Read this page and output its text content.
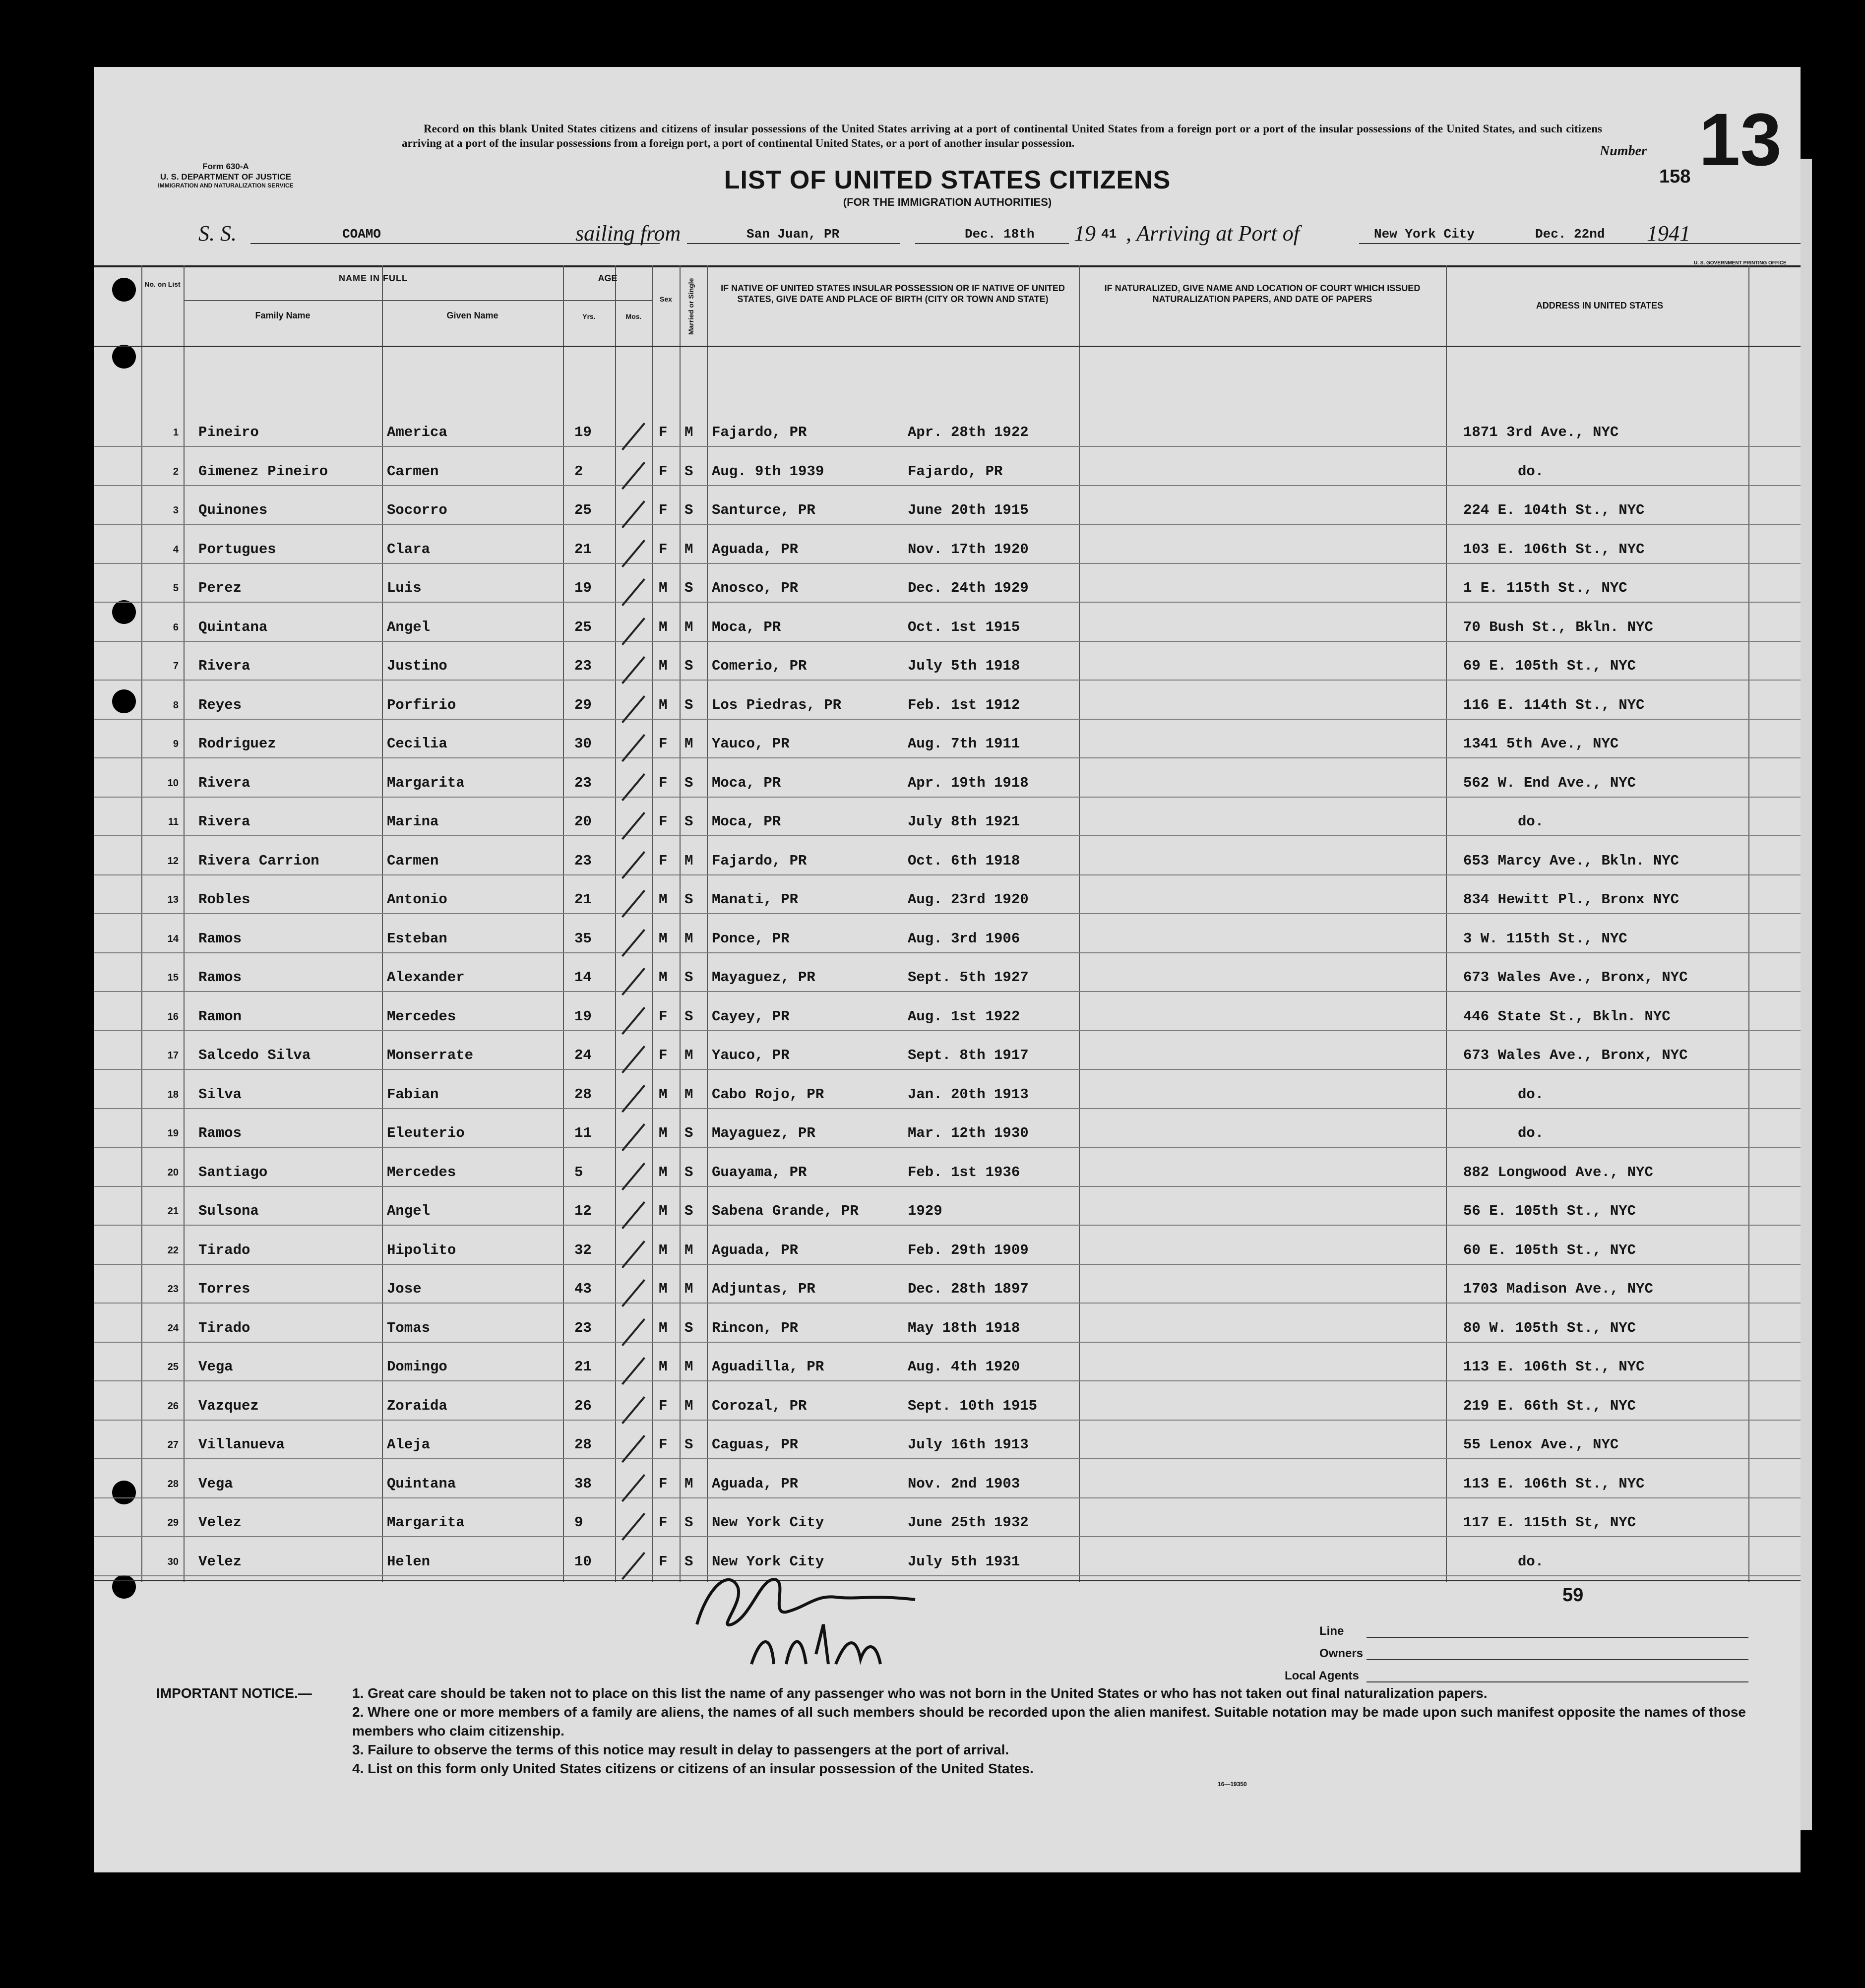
Form 630-A
U. S. DEPARTMENT OF JUSTICE
IMMIGRATION AND NATURALIZATION SERVICE
Record on this blank United States citizens and citizens of insular possessions of the United States arriving at a port of continental United States from a foreign port or a port of the insular possessions of the United States, and such citizens arriving at a port of the insular possessions from a foreign port, a port of continental United States, or a port of another insular possession.
LIST OF UNITED STATES CITIZENS
(FOR THE IMMIGRATION AUTHORITIES)
Number 13
158
S. S.	COAMO	sailing from	San Juan, PR	Dec. 18th 19 41 , Arriving at Port of	New York City	Dec. 22nd 1941
U. S. GOVERNMENT PRINTING OFFICE
No. on List
NAME IN FULL
Family Name	Given Name
AGE
Yrs.	Mos.
Sex	Married or Single	IF NATIVE OF UNITED STATES INSULAR POSSESSION OR IF NATIVE OF UNITED STATES, GIVE DATE AND PLACE OF BIRTH (CITY OR TOWN AND STATE)
IF NATURALIZED, GIVE NAME AND LOCATION OF COURT WHICH ISSUED NATURALIZATION PAPERS, AND DATE OF PAPERS
ADDRESS IN UNITED STATES
1 Pineiro	America	19	F M Fajardo, PR	Apr. 28th 1922	1871 3rd Ave., NYC
2 Gimenez Pineiro	Carmen	2	F S Aug. 9th 1939	Fajardo, PR	do.
3 Quinones	Socorro	25	F S Santurce, PR	June 20th 1915	224 E. 104th St., NYC
4 Portugues	Clara	21	F M Aguada, PR	Nov. 17th 1920	103 E. 106th St., NYC
5 Perez	Luis	19	M S Anosco, PR	Dec. 24th 1929	1 E. 115th St., NYC
6 Quintana	Angel	25	M M Moca, PR	Oct. 1st 1915	70 Bush St., Bkln. NYC
7 Rivera	Justino	23	M S Comerio, PR	July 5th 1918	69 E. 105th St., NYC
8 Reyes	Porfirio	29	M S Los Piedras, PR	Feb. 1st 1912	116 E. 114th St., NYC
9 Rodriguez	Cecilia	30	F M Yauco, PR	Aug. 7th 1911	1341 5th Ave., NYC
10 Rivera	Margarita	23	F S Moca, PR	Apr. 19th 1918	562 W. End Ave., NYC
11 Rivera	Marina	20	F S Moca, PR	July 8th 1921	do.
12 Rivera Carrion	Carmen	23	F M Fajardo, PR	Oct. 6th 1918	653 Marcy Ave., Bkln. NYC
13 Robles	Antonio	21	M S Manati, PR	Aug. 23rd 1920	834 Hewitt Pl., Bronx NYC
14 Ramos	Esteban	35	M M Ponce, PR	Aug. 3rd 1906	3 W. 115th St., NYC
15 Ramos	Alexander	14	M S Mayaguez, PR	Sept. 5th 1927	673 Wales Ave., Bronx, NYC
16 Ramon	Mercedes	19	F S Cayey, PR	Aug. 1st 1922	446 State St., Bkln. NYC
17 Salcedo Silva	Monserrate	24	F M Yauco, PR	Sept. 8th 1917	673 Wales Ave., Bronx, NYC
18 Silva	Fabian	28	M M Cabo Rojo, PR	Jan. 20th 1913	do.
19 Ramos	Eleuterio	11	M S Mayaguez, PR	Mar. 12th 1930	do.
20 Santiago	Mercedes	5	M S Guayama, PR	Feb. 1st 1936	882 Longwood Ave., NYC
21 Sulsona	Angel	12	M S Sabena Grande, PR	1929	56 E. 105th St., NYC
22 Tirado	Hipolito	32	M M Aguada, PR	Feb. 29th 1909	60 E. 105th St., NYC
23 Torres	Jose	43	M M Adjuntas, PR	Dec. 28th 1897	1703 Madison Ave., NYC
24 Tirado	Tomas	23	M S Rincon, PR	May 18th 1918	80 W. 105th St., NYC
25 Vega	Domingo	21	M M Aguadilla, PR	Aug. 4th 1920	113 E. 106th St., NYC
26 Vazquez	Zoraida	26	F M Corozal, PR	Sept. 10th 1915	219 E. 66th St., NYC
27 Villanueva	Aleja	28	F S Caguas, PR	July 16th 1913	55 Lenox Ave., NYC
28 Vega	Quintana	38	F M Aguada, PR	Nov. 2nd 1903	113 E. 106th St., NYC
29 Velez	Margarita	9	F S New York City	June 25th 1932	117 E. 115th St, NYC
30 Velez	Helen	10	F S New York City	July 5th 1931	do.
59
Line
Owners
Local Agents
IMPORTANT NOTICE.—	1. Great care should be taken not to place on this list the name of any passenger who was not born in the United States or who has not taken out final naturalization papers.
2. Where one or more members of a family are aliens, the names of all such members should be recorded upon the alien manifest. Suitable notation may be made upon such manifest opposite the names of those members who claim citizenship.
3. Failure to observe the terms of this notice may result in delay to passengers at the port of arrival.
4. List on this form only United States citizens or citizens of an insular possession of the United States.
16—19350
